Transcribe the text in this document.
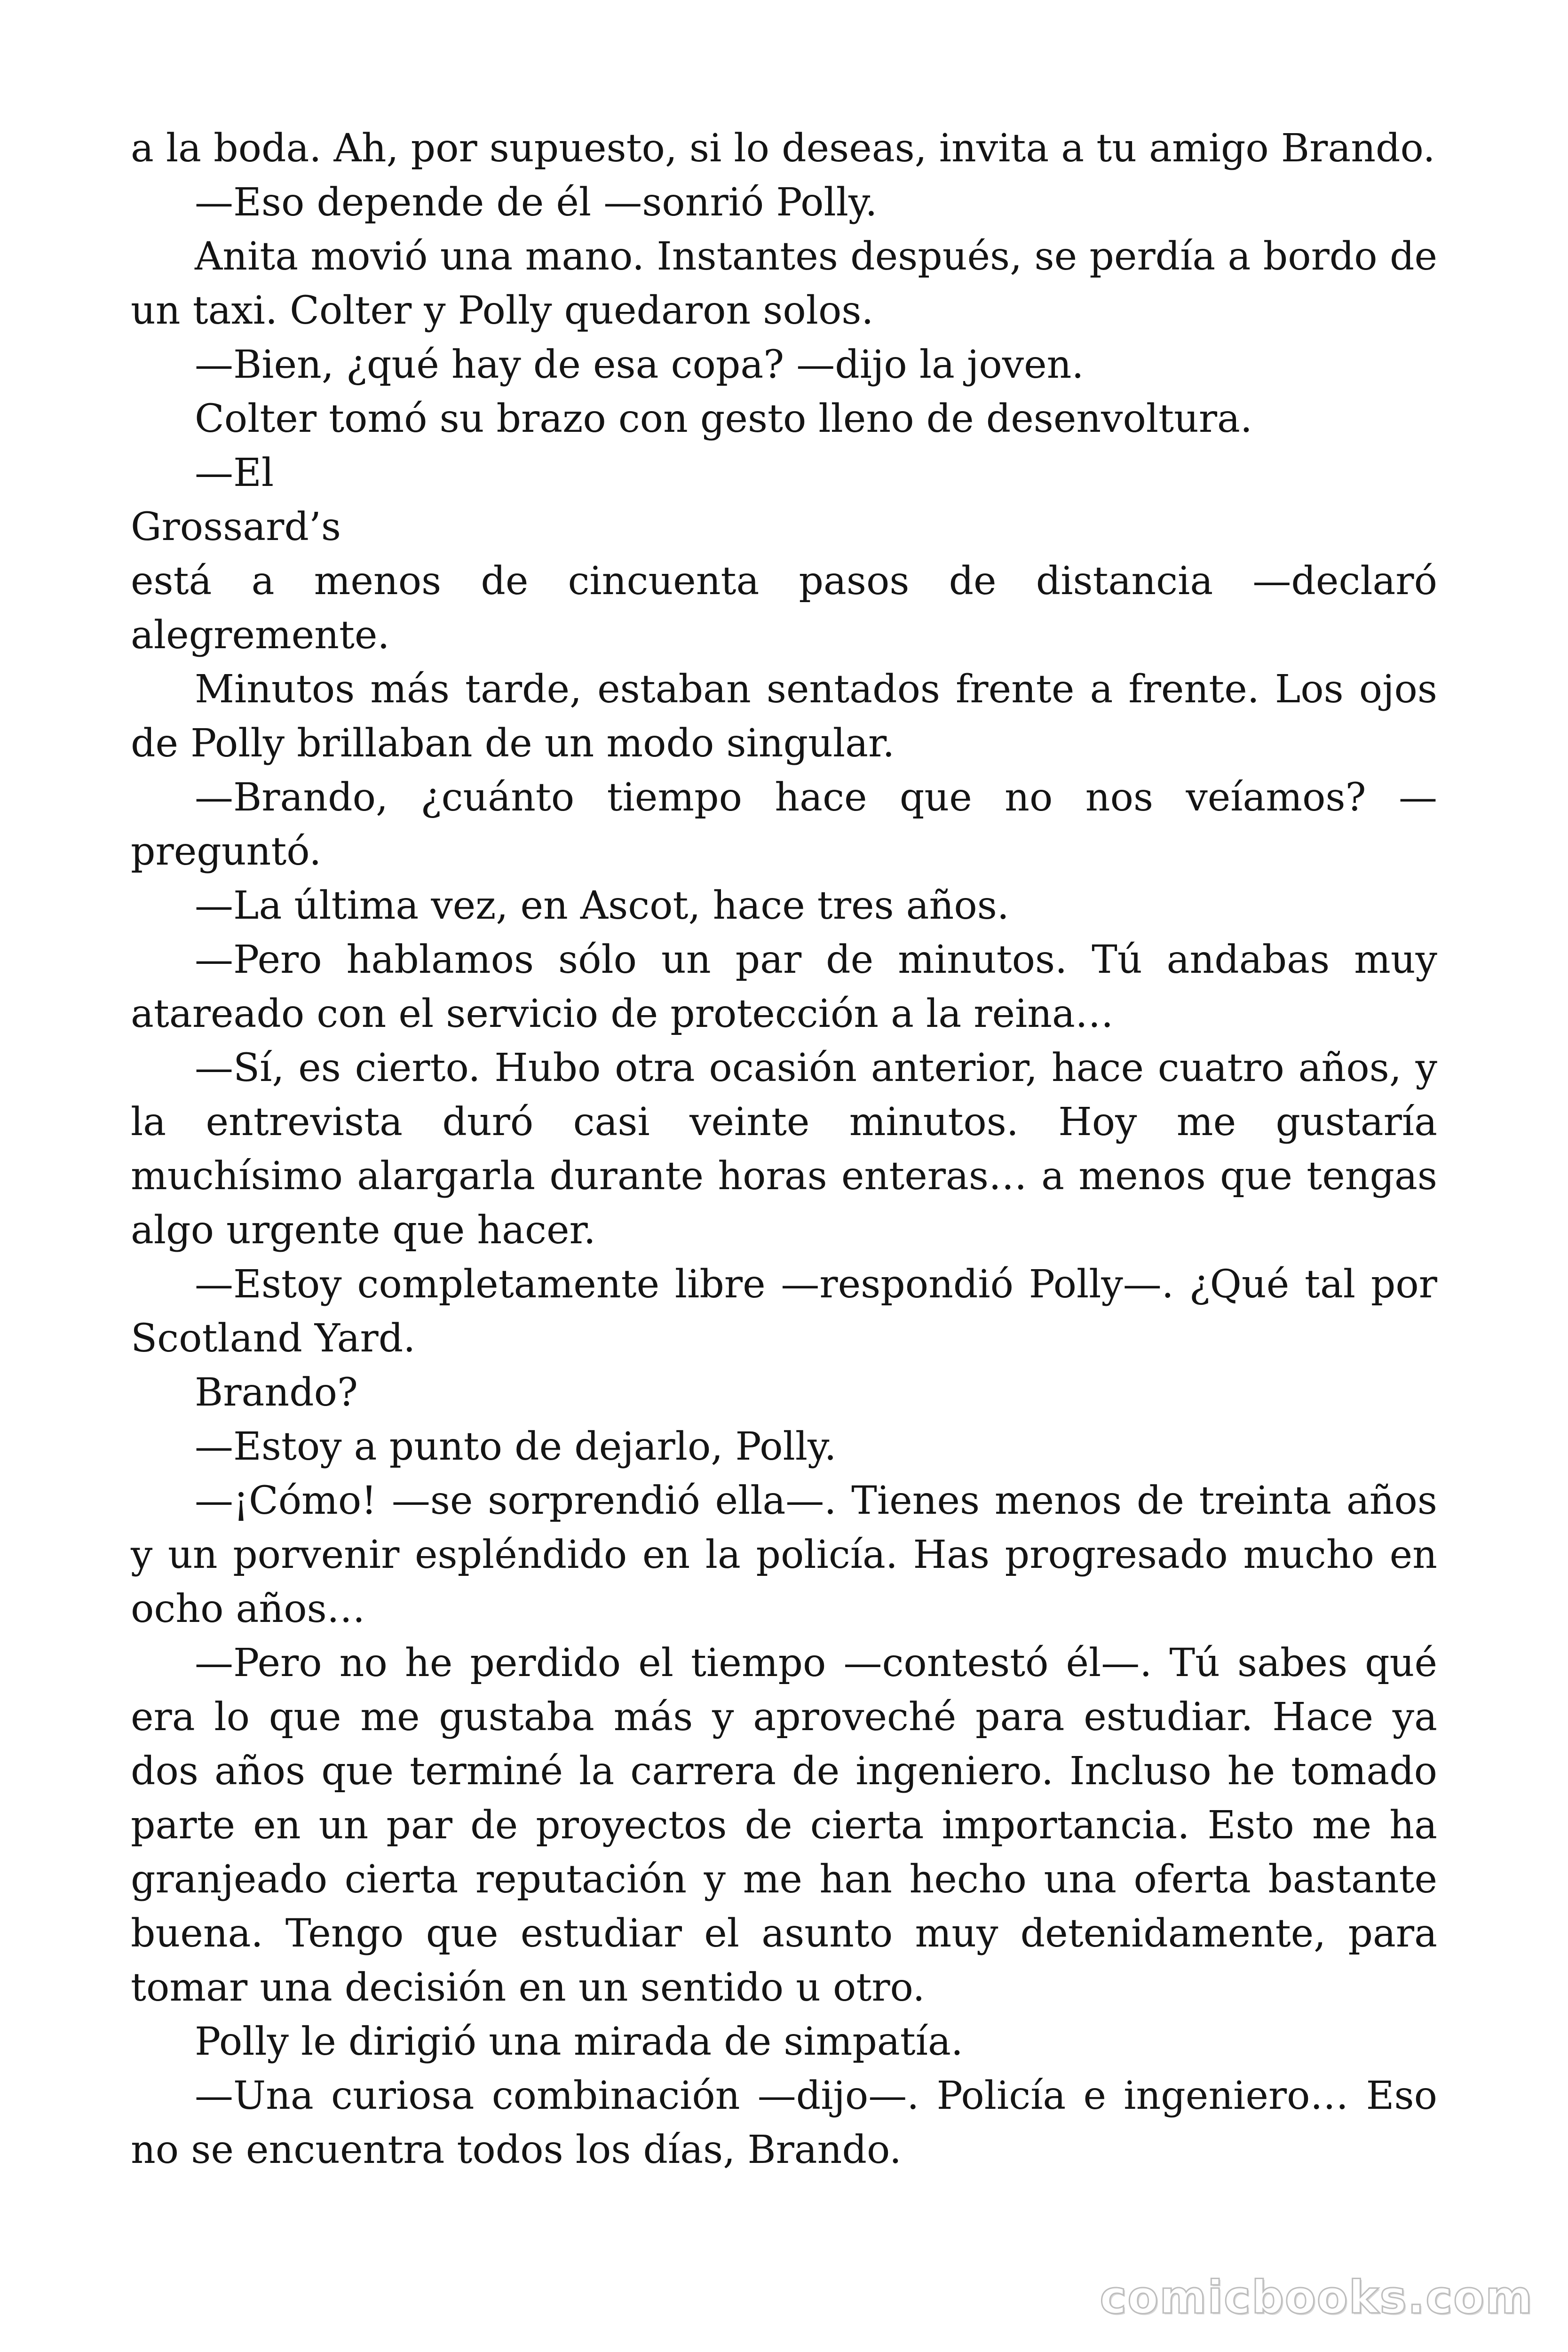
a la boda. Ah, por supuesto, si lo deseas, invita a tu amigo Brando.

—Eso depende de él —sonrió Polly.

Anita movió una mano. Instantes después, se perdía a bordo de un taxi. Colter y Polly quedaron solos.

—Bien, ¿qué hay de esa copa? —dijo la joven.

Colter tomó su brazo con gesto lleno de desenvoltura.

—El

Grossard’s

está a menos de cincuenta pasos de distancia —declaró alegremente.

Minutos más tarde, estaban sentados frente a frente. Los ojos de Polly brillaban de un modo singular.

—Brando, ¿cuánto tiempo hace que no nos veíamos? —preguntó.

—La última vez, en Ascot, hace tres años.

—Pero hablamos sólo un par de minutos. Tú andabas muy atareado con el servicio de protección a la reina…

—Sí, es cierto. Hubo otra ocasión anterior, hace cuatro años, y la entrevista duró casi veinte minutos. Hoy me gustaría muchísimo alargarla durante horas enteras… a menos que tengas algo urgente que hacer.

—Estoy completamente libre —respondió Polly—. ¿Qué tal por Scotland Yard.

Brando?

—Estoy a punto de dejarlo, Polly.

—¡Cómo! —se sorprendió ella—. Tienes menos de treinta años y un porvenir espléndido en la policía. Has progresado mucho en ocho años…

—Pero no he perdido el tiempo —contestó él—. Tú sabes qué era lo que me gustaba más y aproveché para estudiar. Hace ya dos años que terminé la carrera de ingeniero. Incluso he tomado parte en un par de proyectos de cierta importancia. Esto me ha granjeado cierta reputación y me han hecho una oferta bastante buena. Tengo que estudiar el asunto muy detenidamente, para tomar una decisión en un sentido u otro.

Polly le dirigió una mirada de simpatía.

—Una curiosa combinación —dijo—. Policía e ingeniero… Eso no se encuentra todos los días, Brando.

comicbooks.com
